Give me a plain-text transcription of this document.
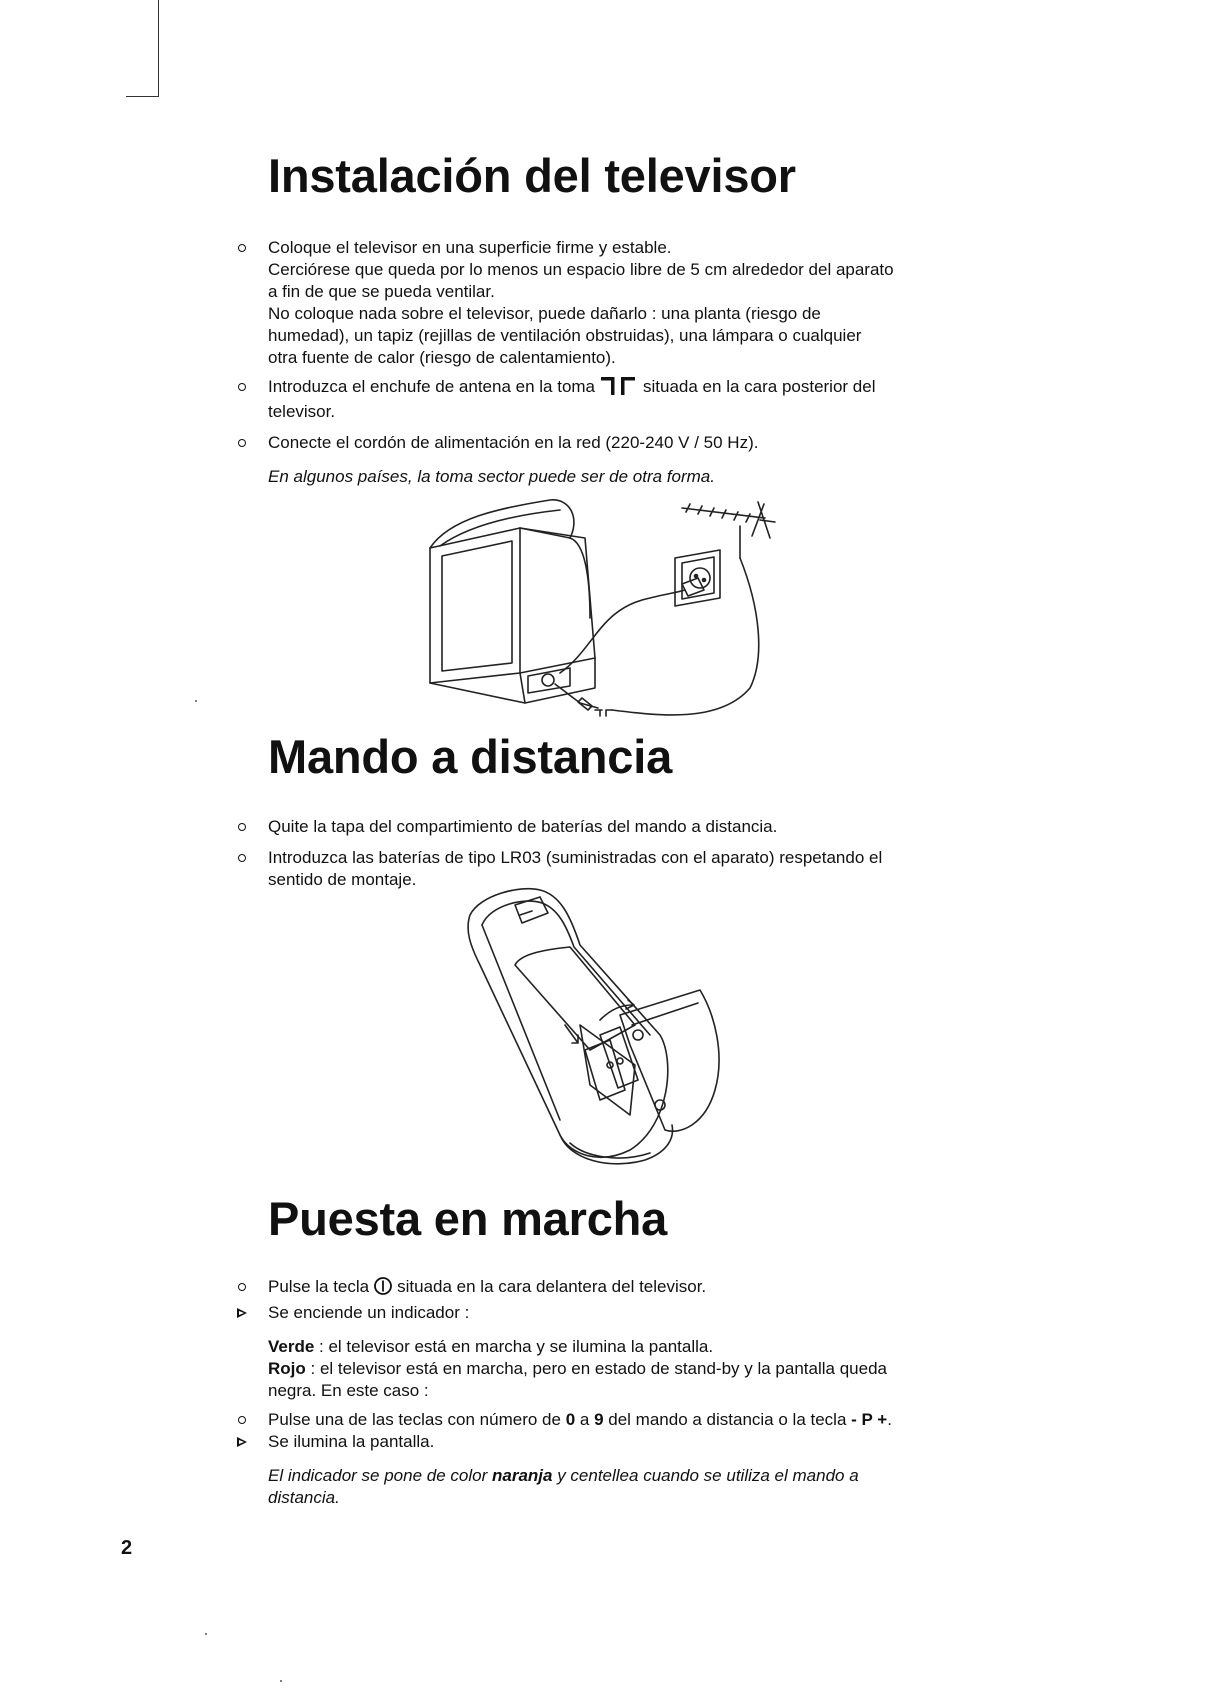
Instalación del televisor
Coloque el televisor en una superficie firme y estable.
Cerciórese que queda por lo menos un espacio libre de 5 cm alrededor del aparato
a fin de que se pueda ventilar.
No coloque nada sobre el televisor, puede dañarlo : una planta (riesgo de
humedad), un tapiz (rejillas de ventilación obstruidas), una lámpara o cualquier
otra fuente de calor (riesgo de calentamiento).
Introduzca el enchufe de antena en la toma	situada en la cara posterior del
televisor.
Conecte el cordón de alimentación en la red (220-240 V / 50 Hz).

En algunos países, la toma sector puede ser de otra forma.

Mando a distancia
Quite la tapa del compartimiento de baterías del mando a distancia.
Introduzca las baterías de tipo LR03 (suministradas con el aparato) respetando el
sentido de montaje.
Puesta en marcha
Pulse la tecla situada en la cara delantera del televisor.
Se enciende un indicador :
Verde : el televisor está en marcha y se ilumina la pantalla.
Rojo : el televisor está en marcha, pero en estado de stand-by y la pantalla queda
negra. En este caso :
Pulse una de las teclas con número de 0 a 9 del mando a distancia o la tecla - P +.
Se ilumina la pantalla.
El indicador se pone de color naranja y centellea cuando se utiliza el mando a
distancia.

2
